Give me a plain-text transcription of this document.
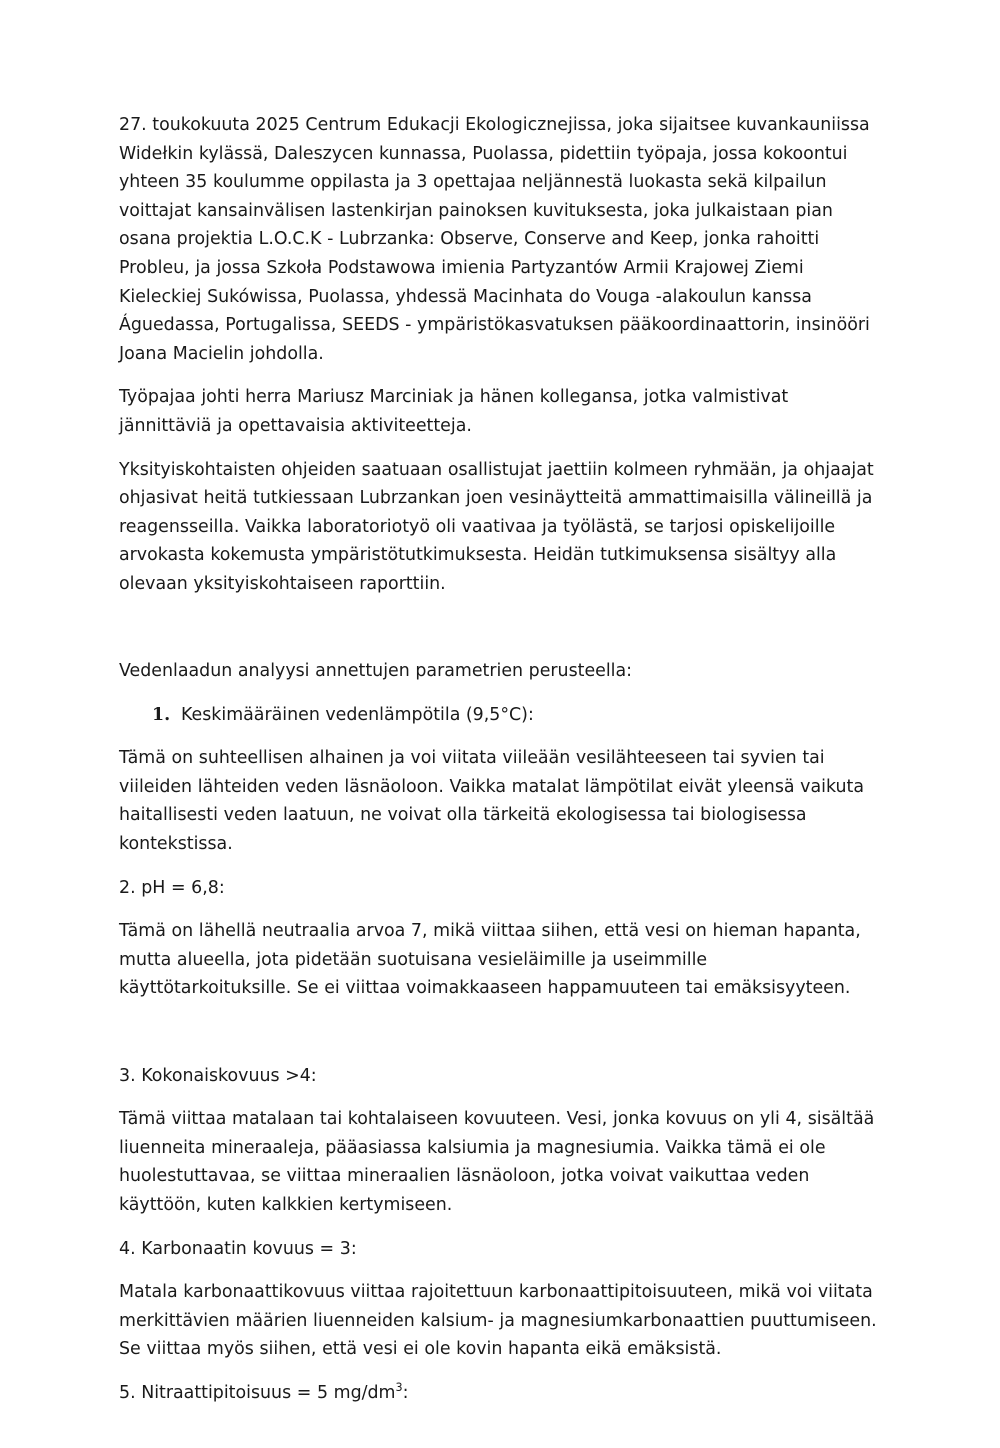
27. toukokuuta 2025 Centrum Edukacji Ekologicznejissa, joka sijaitsee kuvankauniissa Widełkin kylässä, Daleszycen kunnassa, Puolassa, pidettiin työpaja, jossa kokoontui yhteen 35 koulumme oppilasta ja 3 opettajaa neljännestä luokasta sekä kilpailun voittajat kansainvälisen lastenkirjan painoksen kuvituksesta, joka julkaistaan pian osana projektia L.O.C.K - Lubrzanka: Observe, Conserve and Keep, jonka rahoitti Probleu, ja jossa Szkoła Podstawowa imienia Partyzantów Armii Krajowej Ziemi Kieleckiej Sukówissa, Puolassa, yhdessä Macinhata do Vouga -alakoulun kanssa Águedassa, Portugalissa, SEEDS - ympäristökasvatuksen pääkoordinaattorin, insinööri Joana Macielin johdolla.

Työpajaa johti herra Mariusz Marciniak ja hänen kollegansa, jotka valmistivat jännittäviä ja opettavaisia aktiviteetteja.

Yksityiskohtaisten ohjeiden saatuaan osallistujat jaettiin kolmeen ryhmään, ja ohjaajat ohjasivat heitä tutkiessaan Lubrzankan joen vesinäytteitä ammattimaisilla välineillä ja reagensseilla. Vaikka laboratoriotyö oli vaativaa ja työlästä, se tarjosi opiskelijoille arvokasta kokemusta ympäristötutkimuksesta. Heidän tutkimuksensa sisältyy alla olevaan yksityiskohtaiseen raporttiin.

Vedenlaadun analyysi annettujen parametrien perusteella:

1. Keskimääräinen vedenlämpötila (9,5°C):

Tämä on suhteellisen alhainen ja voi viitata viileään vesilähteeseen tai syvien tai viileiden lähteiden veden läsnäoloon. Vaikka matalat lämpötilat eivät yleensä vaikuta haitallisesti veden laatuun, ne voivat olla tärkeitä ekologisessa tai biologisessa kontekstissa.

2. pH = 6,8:

Tämä on lähellä neutraalia arvoa 7, mikä viittaa siihen, että vesi on hieman hapanta, mutta alueella, jota pidetään suotuisana vesieläimille ja useimmille käyttötarkoituksille. Se ei viittaa voimakkaaseen happamuuteen tai emäksisyyteen.

3. Kokonaiskovuus >4:

Tämä viittaa matalaan tai kohtalaiseen kovuuteen. Vesi, jonka kovuus on yli 4, sisältää liuenneita mineraaleja, pääasiassa kalsiumia ja magnesiumia. Vaikka tämä ei ole huolestuttavaa, se viittaa mineraalien läsnäoloon, jotka voivat vaikuttaa veden käyttöön, kuten kalkkien kertymiseen.

4. Karbonaatin kovuus = 3:

Matala karbonaattikovuus viittaa rajoitettuun karbonaattipitoisuuteen, mikä voi viitata merkittävien määrien liuenneiden kalsium- ja magnesiumkarbonaattien puuttumiseen. Se viittaa myös siihen, että vesi ei ole kovin hapanta eikä emäksistä.

5. Nitraattipitoisuus = 5 $mg/dm^3$:
